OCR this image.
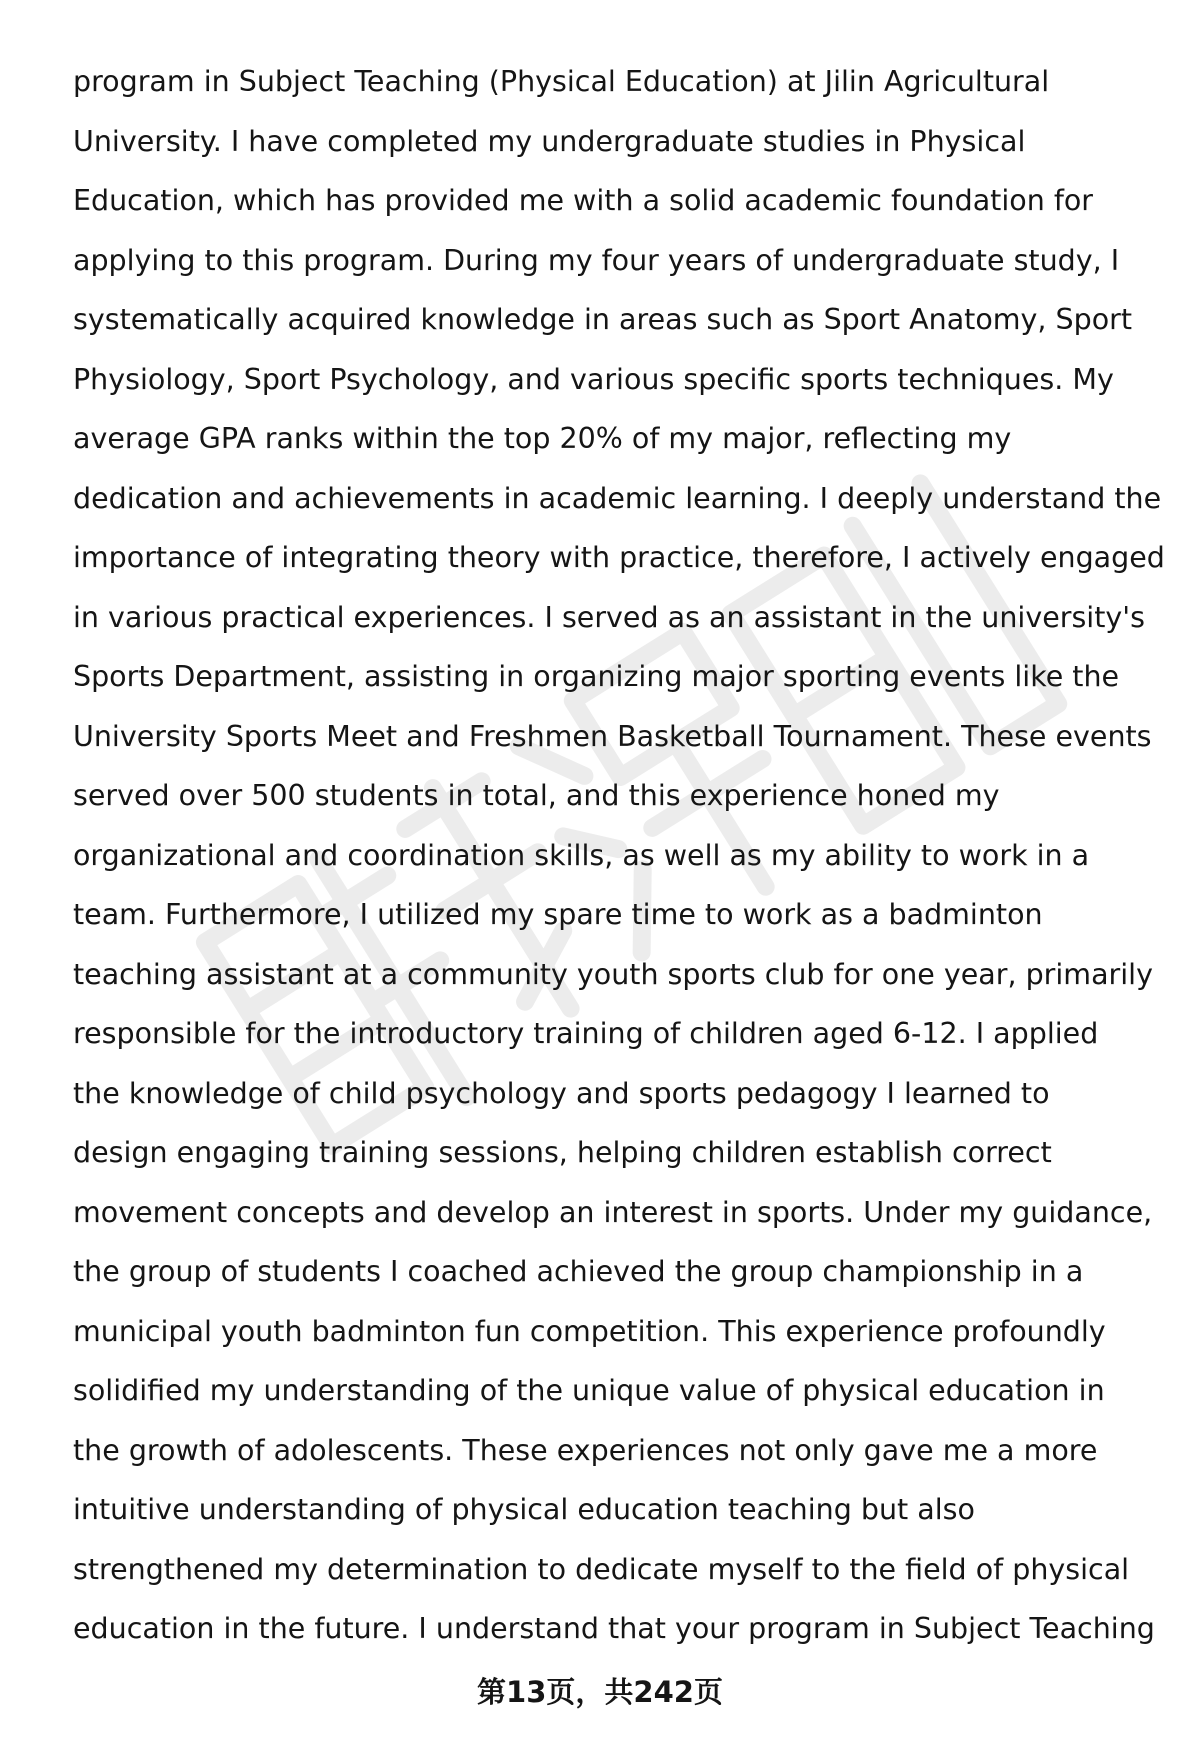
program in Subject Teaching (Physical Education) at Jilin Agricultural
University. I have completed my undergraduate studies in Physical
Education, which has provided me with a solid academic foundation for
applying to this program. During my four years of undergraduate study, I
systematically acquired knowledge in areas such as Sport Anatomy, Sport
Physiology, Sport Psychology, and various specific sports techniques. My
average GPA ranks within the top 20% of my major, reflecting my
dedication and achievements in academic learning. I deeply understand the
importance of integrating theory with practice, therefore, I actively engaged
in various practical experiences. I served as an assistant in the university's
Sports Department, assisting in organizing major sporting events like the
University Sports Meet and Freshmen Basketball Tournament. These events
served over 500 students in total, and this experience honed my
organizational and coordination skills, as well as my ability to work in a
team. Furthermore, I utilized my spare time to work as a badminton
teaching assistant at a community youth sports club for one year, primarily
responsible for the introductory training of children aged 6-12. I applied
the knowledge of child psychology and sports pedagogy I learned to
design engaging training sessions, helping children establish correct
movement concepts and develop an interest in sports. Under my guidance,
the group of students I coached achieved the group championship in a
municipal youth badminton fun competition. This experience profoundly
solidified my understanding of the unique value of physical education in
the growth of adolescents. These experiences not only gave me a more
intuitive understanding of physical education teaching but also
strengthened my determination to dedicate myself to the field of physical
education in the future. I understand that your program in Subject Teaching
第13页，共242页
